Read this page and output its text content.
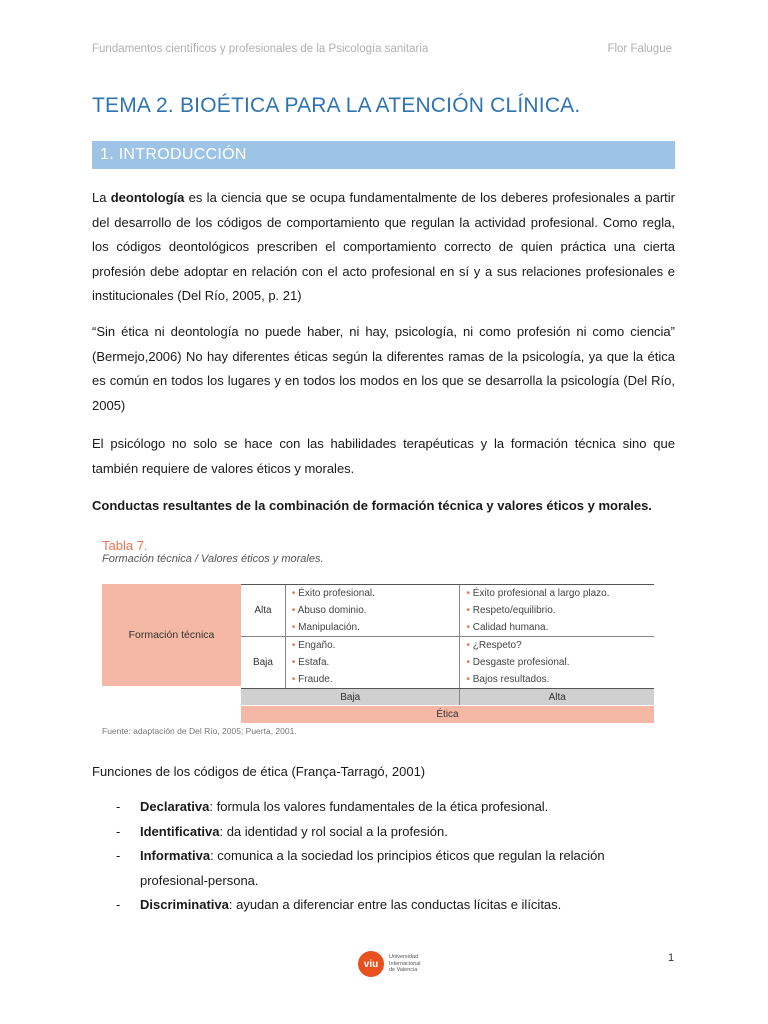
Fundamentos científicos y profesionales de la Psicología sanitaria	Flor Falugue
TEMA 2. BIOÉTICA PARA LA ATENCIÓN CLÍNICA.
1. INTRODUCCIÓN

La deontología es la ciencia que se ocupa fundamentalmente de los deberes profesionales a partir del desarrollo de los códigos de comportamiento que regulan la actividad profesional. Como regla, los códigos deontológicos prescriben el comportamiento correcto de quien práctica una cierta profesión debe adoptar en relación con el acto profesional en sí y a sus relaciones profesionales e institucionales (Del Río, 2005, p. 21)

“Sin ética ni deontología no puede haber, ni hay, psicología, ni como profesión ni como ciencia” (Bermejo,2006) No hay diferentes éticas según la diferentes ramas de la psicología, ya que la ética es común en todos los lugares y en todos los modos en los que se desarrolla la psicología (Del Río, 2005)

El psicólogo no solo se hace con las habilidades terapéuticas y la formación técnica sino que también requiere de valores éticos y morales.

Conductas resultantes de la combinación de formación técnica y valores éticos y morales.

Tabla 7.
Formación técnica / Valores éticos y morales.
Formación técnica
Alta
• Éxito profesional.
• Abuso dominio.
• Manipulación.
• Éxito profesional a largo plazo.
• Respeto/equilibrio.
• Calidad humana.
Baja
• Engaño.
• Estafa.
• Fraude.
• ¿Respeto?
• Desgaste profesional.
• Bajos resultados.
Baja	Alta
Ética
Fuente: adaptación de Del Río, 2005; Puerta, 2001.

Funciones de los códigos de ética (França-Tarragó, 2001)

- Declarativa: formula los valores fundamentales de la ética profesional.
- Identificativa: da identidad y rol social a la profesión.
- Informativa: comunica a la sociedad los principios éticos que regulan la relación profesional-persona.
- Discriminativa: ayudan a diferenciar entre las conductas lícitas e ilícitas.
viu
Universidad
Internacional
de Valencia
1
